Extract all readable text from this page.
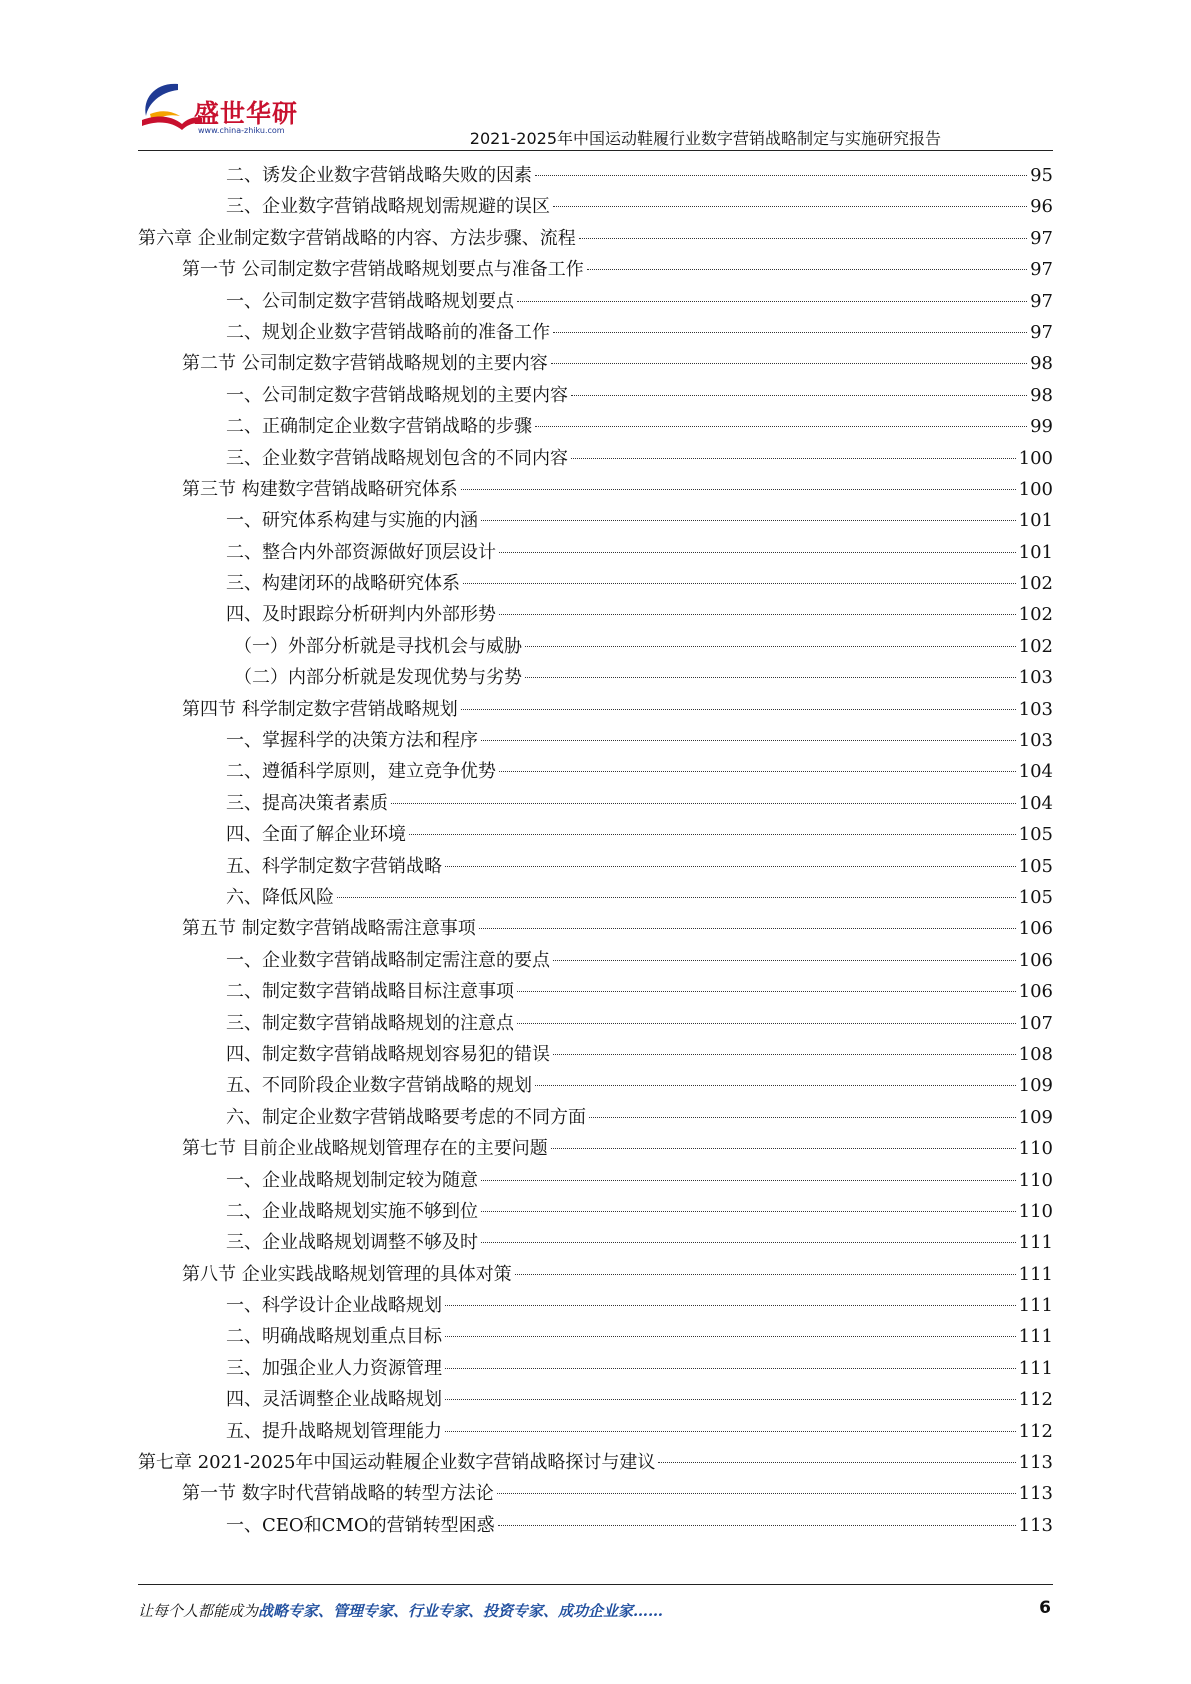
盛世华研
www.china-zhiku.com	2021-2025年中国运动鞋履行业数字营销战略制定与实施研究报告
二、诱发企业数字营销战略失败的因素	95
三、企业数字营销战略规划需规避的误区	96
第六章 企业制定数字营销战略的内容、方法步骤、流程	97
第一节 公司制定数字营销战略规划要点与准备工作	97
一、公司制定数字营销战略规划要点	97
二、规划企业数字营销战略前的准备工作	97
第二节 公司制定数字营销战略规划的主要内容	98
一、公司制定数字营销战略规划的主要内容	98
二、正确制定企业数字营销战略的步骤	99
三、企业数字营销战略规划包含的不同内容	100
第三节 构建数字营销战略研究体系	100
一、研究体系构建与实施的内涵	101
二、整合内外部资源做好顶层设计	101
三、构建闭环的战略研究体系	102
四、及时跟踪分析研判内外部形势	102
（一）外部分析就是寻找机会与威胁	102
（二）内部分析就是发现优势与劣势	103
第四节 科学制定数字营销战略规划	103
一、掌握科学的决策方法和程序	103
二、遵循科学原则，建立竞争优势	104
三、提高决策者素质	104
四、全面了解企业环境	105
五、科学制定数字营销战略	105
六、降低风险	105
第五节 制定数字营销战略需注意事项	106
一、企业数字营销战略制定需注意的要点	106
二、制定数字营销战略目标注意事项	106
三、制定数字营销战略规划的注意点	107
四、制定数字营销战略规划容易犯的错误	108
五、不同阶段企业数字营销战略的规划	109
六、制定企业数字营销战略要考虑的不同方面	109
第七节 目前企业战略规划管理存在的主要问题	110
一、企业战略规划制定较为随意	110
二、企业战略规划实施不够到位	110
三、企业战略规划调整不够及时	111
第八节 企业实践战略规划管理的具体对策	111
一、科学设计企业战略规划	111
二、明确战略规划重点目标	111
三、加强企业人力资源管理	111
四、灵活调整企业战略规划	112
五、提升战略规划管理能力	112
第七章 2021-2025年中国运动鞋履企业数字营销战略探讨与建议	113
第一节 数字时代营销战略的转型方法论	113
一、CEO和CMO的营销转型困惑	113
让每个人都能成为战略专家、管理专家、行业专家、投资专家、成功企业家……	6
